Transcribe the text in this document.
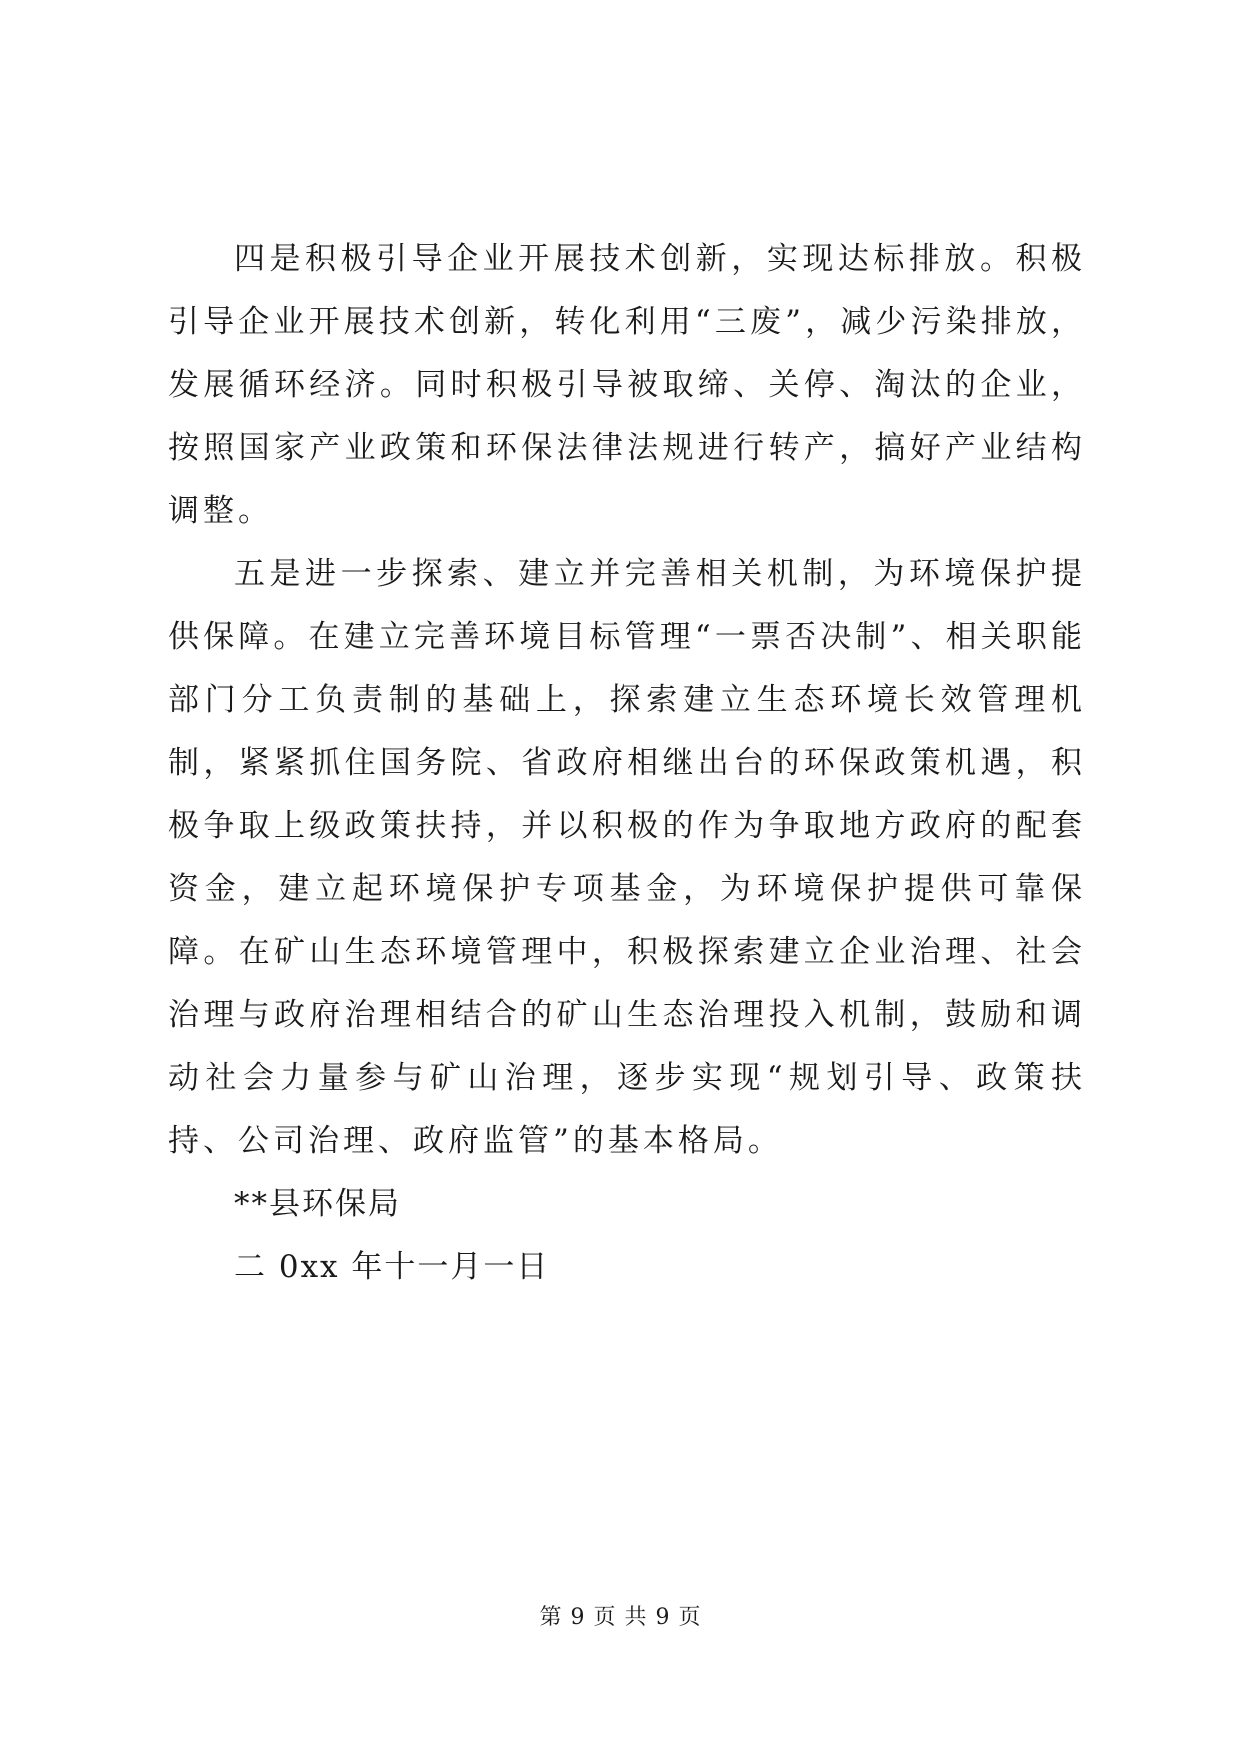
四是积极引导企业开展技术创新，实现达标排放。积极引导企业开展技术创新，转化利用“三废”，减少污染排放，发展循环经济。同时积极引导被取缔、关停、淘汰的企业，按照国家产业政策和环保法律法规进行转产，搞好产业结构调整。

五是进一步探索、建立并完善相关机制，为环境保护提供保障。在建立完善环境目标管理“一票否决制”、相关职能部门分工负责制的基础上，探索建立生态环境长效管理机制，紧紧抓住国务院、省政府相继出台的环保政策机遇，积极争取上级政策扶持，并以积极的作为争取地方政府的配套资金，建立起环境保护专项基金，为环境保护提供可靠保障。在矿山生态环境管理中，积极探索建立企业治理、社会治理与政府治理相结合的矿山生态治理投入机制，鼓励和调动社会力量参与矿山治理，逐步实现“规划引导、政策扶持、公司治理、政府监管”的基本格局。

**县环保局

二 0xx 年十一月一日

第 9 页 共 9 页
